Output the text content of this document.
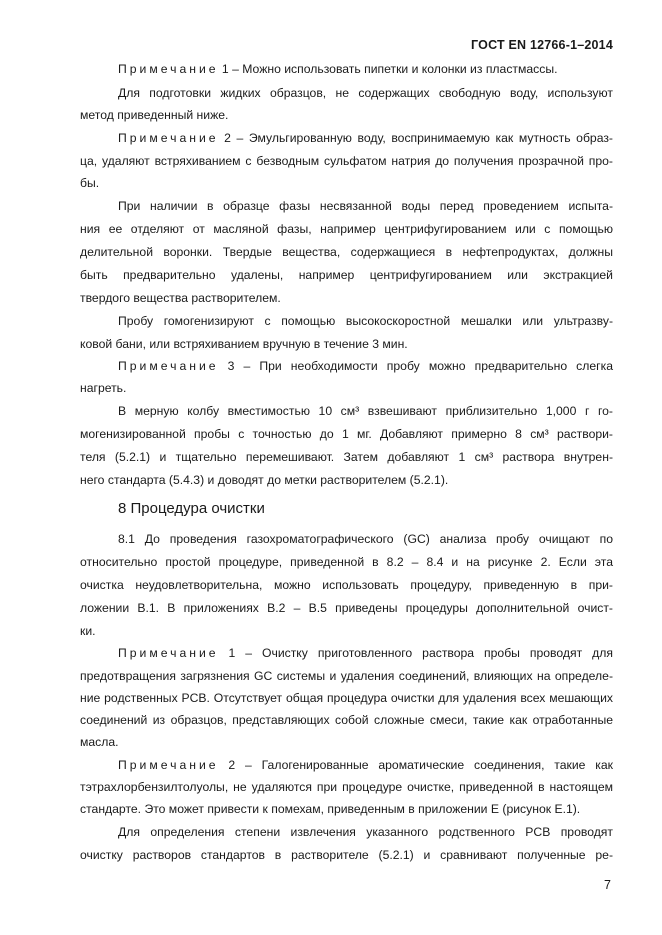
ГОСТ EN 12766-1–2014
Примечание 1 – Можно использовать пипетки и колонки из пластмассы.
Для подготовки жидких образцов, не содержащих свободную воду, используют
метод приведенный ниже.
Примечание 2 – Эмульгированную воду, воспринимаемую как мутность образ-
ца, удаляют встряхиванием с безводным сульфатом натрия до получения прозрачной про-
бы.
При наличии в образце фазы несвязанной воды перед проведением испыта-
ния ее отделяют от масляной фазы, например центрифугированием или с помощью
делительной воронки. Твердые вещества, содержащиеся в нефтепродуктах, должны
быть предварительно удалены, например центрифугированием или экстракцией
твердого вещества растворителем.
Пробу гомогенизируют с помощью высокоскоростной мешалки или ультразву-
ковой бани, или встряхиванием вручную в течение 3 мин.
Примечание 3 – При необходимости пробу можно предварительно слегка
нагреть.
В мерную колбу вместимостью 10 см³ взвешивают приблизительно 1,000 г го-
могенизированной пробы с точностью до 1 мг. Добавляют примерно 8 см³ раствори-
теля (5.2.1) и тщательно перемешивают. Затем добавляют 1 см³ раствора внутрен-
него стандарта (5.4.3) и доводят до метки растворителем (5.2.1).
8.1 До проведения газохроматографического (GC) анализа пробу очищают по
относительно простой процедуре, приведенной в 8.2 – 8.4 и на рисунке 2. Если эта
очистка неудовлетворительна, можно использовать процедуру, приведенную в при-
ложении В.1. В приложениях В.2 – В.5 приведены процедуры дополнительной очист-
ки.
Примечание 1 – Очистку приготовленного раствора пробы проводят для
предотвращения загрязнения GC системы и удаления соединений, влияющих на определе-
ние родственных PCB. Отсутствует общая процедура очистки для удаления всех мешающих
соединений из образцов, представляющих собой сложные смеси, такие как отработанные
масла.
Примечание 2 – Галогенированные ароматические соединения, такие как
тэтрахлорбензилтолуолы, не удаляются при процедуре очистке, приведенной в настоящем
стандарте. Это может привести к помехам, приведенным в приложении Е (рисунок Е.1).
Для определения степени извлечения указанного родственного PCB проводят
очистку растворов стандартов в растворителе (5.2.1) и сравнивают полученные ре-
8 Процедура очистки
7
